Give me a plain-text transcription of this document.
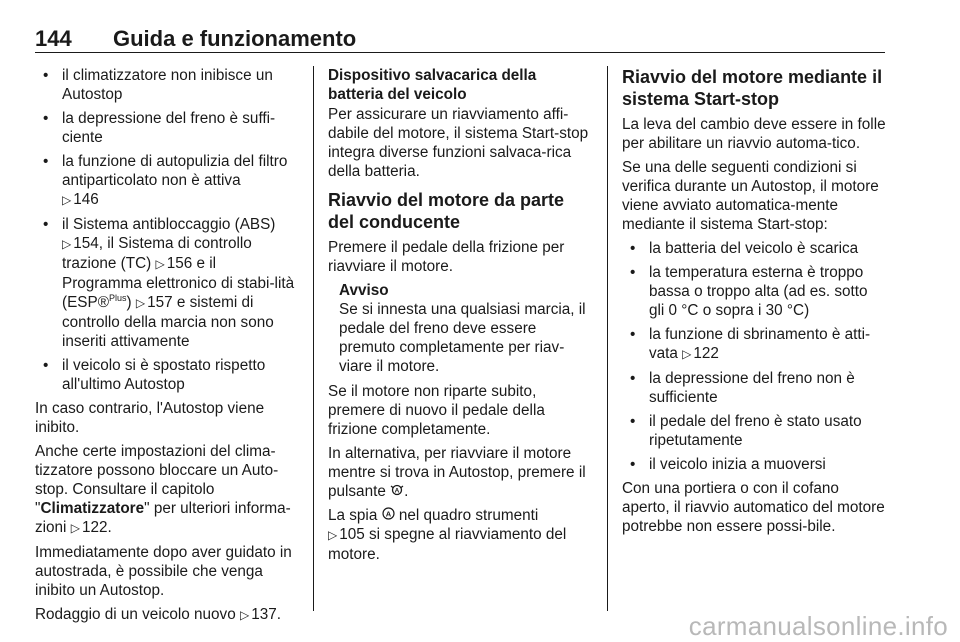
144 Guida e funzionamento
• il climatizzatore non inibisce un Autostop
• la depressione del freno è suffi-ciente
• la funzione di autopulizia del filtro antiparticolato non è attiva
▷ 146
• il Sistema antibloccaggio (ABS)
▷ 154, il Sistema di controllo trazione (TC) ▷ 156 e il Programma elettronico di stabi-lità (ESP®$^{Plus}$) ▷ 157 e sistemi di controllo della marcia non sono inseriti attivamente
• il veicolo si è spostato rispetto all'ultimo Autostop

In caso contrario, l'Autostop viene inibito.

Anche certe impostazioni del clima-tizzatore possono bloccare un Auto-stop. Consultare il capitolo "Climatizzatore" per ulteriori informa-zioni ▷ 122.

Immediatamente dopo aver guidato in autostrada, è possibile che venga inibito un Autostop.

Rodaggio di un veicolo nuovo ▷ 137.

Dispositivo salvacarica della batteria del veicolo

Per assicurare un riavviamento affi-dabile del motore, il sistema Start-stop integra diverse funzioni salvaca-rica della batteria.

Riavvio del motore da parte del conducente

Premere il pedale della frizione per riavviare il motore.

Avviso
Se si innesta una qualsiasi marcia, il pedale del freno deve essere premuto completamente per riav-viare il motore.

Se il motore non riparte subito, premere di nuovo il pedale della frizione completamente.

In alternativa, per riavviare il motore mentre si trova in Autostop, premere il pulsante A .

La spia A nel quadro strumenti
▷ 105 si spegne al riavviamento del motore.

Riavvio del motore mediante il sistema Start-stop

La leva del cambio deve essere in folle per abilitare un riavvio automa-tico.

Se una delle seguenti condizioni si verifica durante un Autostop, il motore viene avviato automatica-mente mediante il sistema Start-stop:

• la batteria del veicolo è scarica
• la temperatura esterna è troppo bassa o troppo alta (ad es. sotto gli 0 °C o sopra i 30 °C)
• la funzione di sbrinamento è atti-vata ▷ 122
• la depressione del freno non è sufficiente
• il pedale del freno è stato usato ripetutamente
• il veicolo inizia a muoversi

Con una portiera o con il cofano aperto, il riavvio automatico del motore potrebbe non essere possi-bile.

carmanualsonline.info
